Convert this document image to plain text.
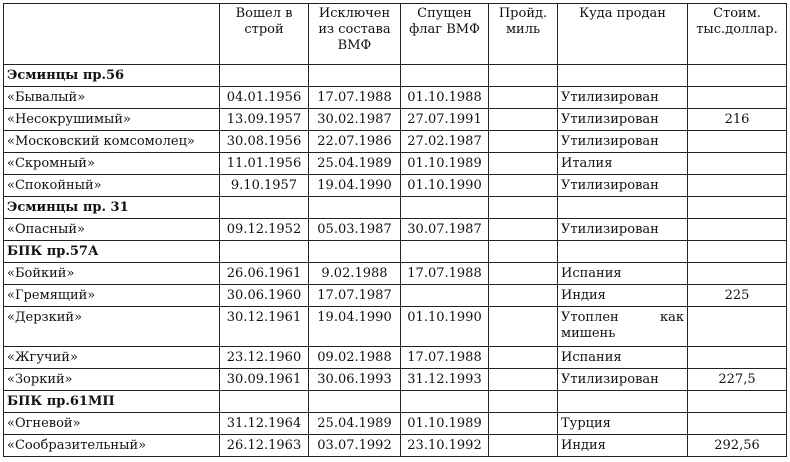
	Вошел в строй	Исключен из состава ВМФ	Спущен флаг ВМФ	Пройд. миль	Куда продан	Стоим. тыс.доллар.
Эсминцы пр.56						
«Бывалый»	04.01.1956	17.07.1988	01.10.1988		Утилизирован	
«Несокрушимый»	13.09.1957	30.02.1987	27.07.1991		Утилизирован	216
«Московский комсомолец»	30.08.1956	22.07.1986	27.02.1987		Утилизирован	
«Скромный»	11.01.1956	25.04.1989	01.10.1989		Италия	
«Спокойный»	9.10.1957	19.04.1990	01.10.1990		Утилизирован	
Эсминцы пр. 31						
«Опасный»	09.12.1952	05.03.1987	30.07.1987		Утилизирован	
БПК пр.57А						
«Бойкий»	26.06.1961	9.02.1988	17.07.1988		Испания	
«Гремящий»	30.06.1960	17.07.1987			Индия	225
«Дерзкий»	30.12.1961	19.04.1990	01.10.1990		Утоплен как мишень	

«Жгучий»	23.12.1960	09.02.1988	17.07.1988		Испания	
«Зоркий»	30.09.1961	30.06.1993	31.12.1993		Утилизирован	227,5
БПК пр.61МП						
«Огневой»	31.12.1964	25.04.1989	01.10.1989		Турция	
«Сообразительный»	26.12.1963	03.07.1992	23.10.1992		Индия	292,56
